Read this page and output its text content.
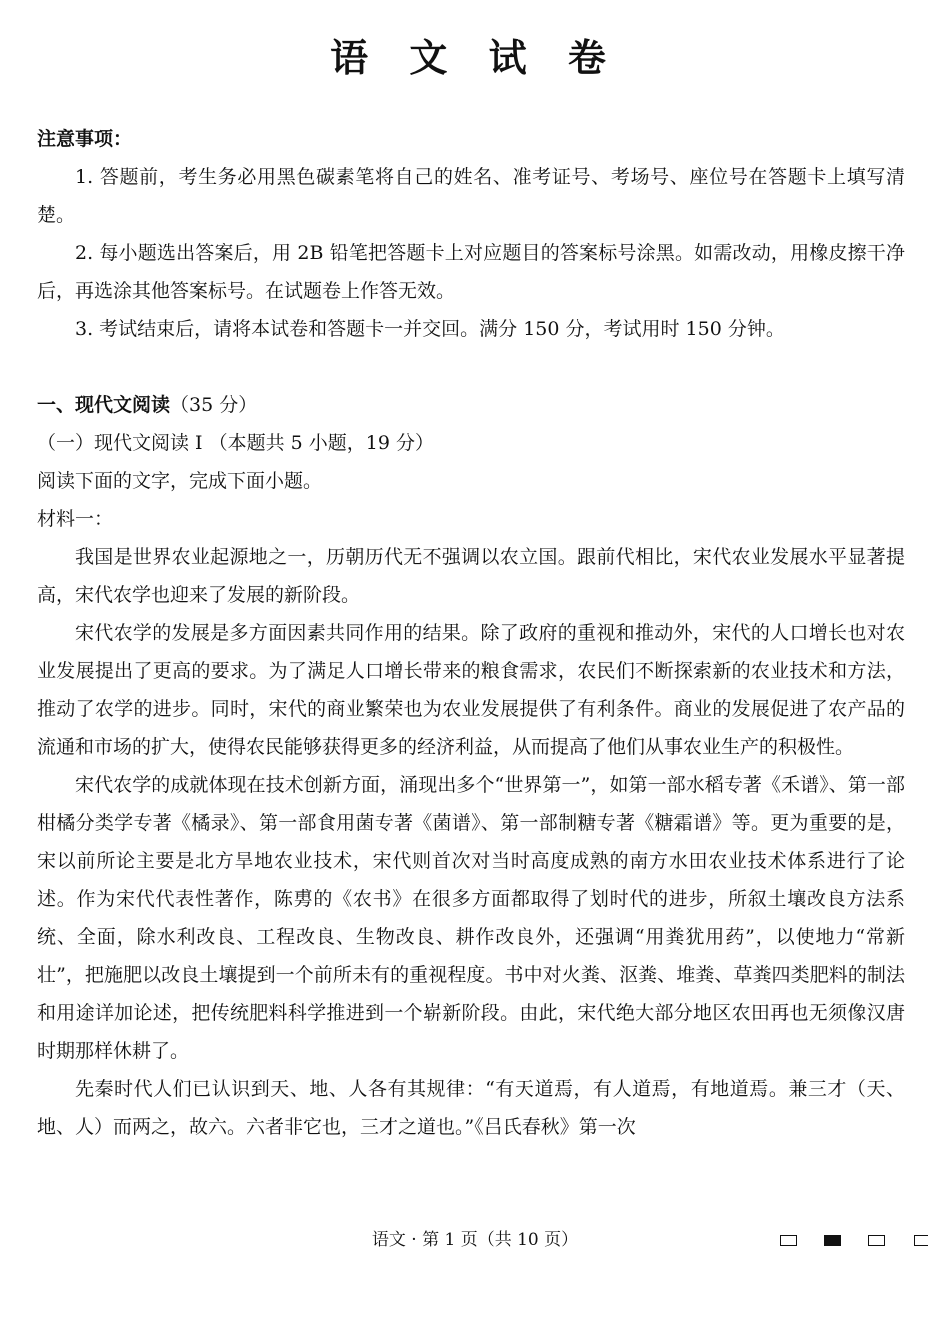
语 文 试 卷

注意事项：

1. 答题前，考生务必用黑色碳素笔将自己的姓名、准考证号、考场号、座位号在答题卡上填写清楚。

2. 每小题选出答案后，用 2B 铅笔把答题卡上对应题目的答案标号涂黑。如需改动，用橡皮擦干净后，再选涂其他答案标号。在试题卷上作答无效。

3. 考试结束后，请将本试卷和答题卡一并交回。满分 150 分，考试用时 150 分钟。

一、现代文阅读（35 分）

（一）现代文阅读 I （本题共 5 小题，19 分）

阅读下面的文字，完成下面小题。

材料一：

我国是世界农业起源地之一，历朝历代无不强调以农立国。跟前代相比，宋代农业发展水平显著提高，宋代农学也迎来了发展的新阶段。

宋代农学的发展是多方面因素共同作用的结果。除了政府的重视和推动外，宋代的人口增长也对农业发展提出了更高的要求。为了满足人口增长带来的粮食需求，农民们不断探索新的农业技术和方法，推动了农学的进步。同时，宋代的商业繁荣也为农业发展提供了有利条件。商业的发展促进了农产品的流通和市场的扩大，使得农民能够获得更多的经济利益，从而提高了他们从事农业生产的积极性。

宋代农学的成就体现在技术创新方面，涌现出多个“世界第一”，如第一部水稻专著《禾谱》、第一部柑橘分类学专著《橘录》、第一部食用菌专著《菌谱》、第一部制糖专著《糖霜谱》等。更为重要的是，宋以前所论主要是北方旱地农业技术，宋代则首次对当时高度成熟的南方水田农业技术体系进行了论述。作为宋代代表性著作，陈旉的《农书》在很多方面都取得了划时代的进步，所叙土壤改良方法系统、全面，除水利改良、工程改良、生物改良、耕作改良外，还强调“用粪犹用药”，以使地力“常新壮”，把施肥以改良土壤提到一个前所未有的重视程度。书中对火粪、沤粪、堆粪、草粪四类肥料的制法和用途详加论述，把传统肥料科学推进到一个崭新阶段。由此，宋代绝大部分地区农田再也无须像汉唐时期那样休耕了。

先秦时代人们已认识到天、地、人各有其规律：“有天道焉，有人道焉，有地道焉。兼三才（天、地、人）而两之，故六。六者非它也，三才之道也。”《吕氏春秋》第一次

语文 · 第 1 页（共 10 页）
